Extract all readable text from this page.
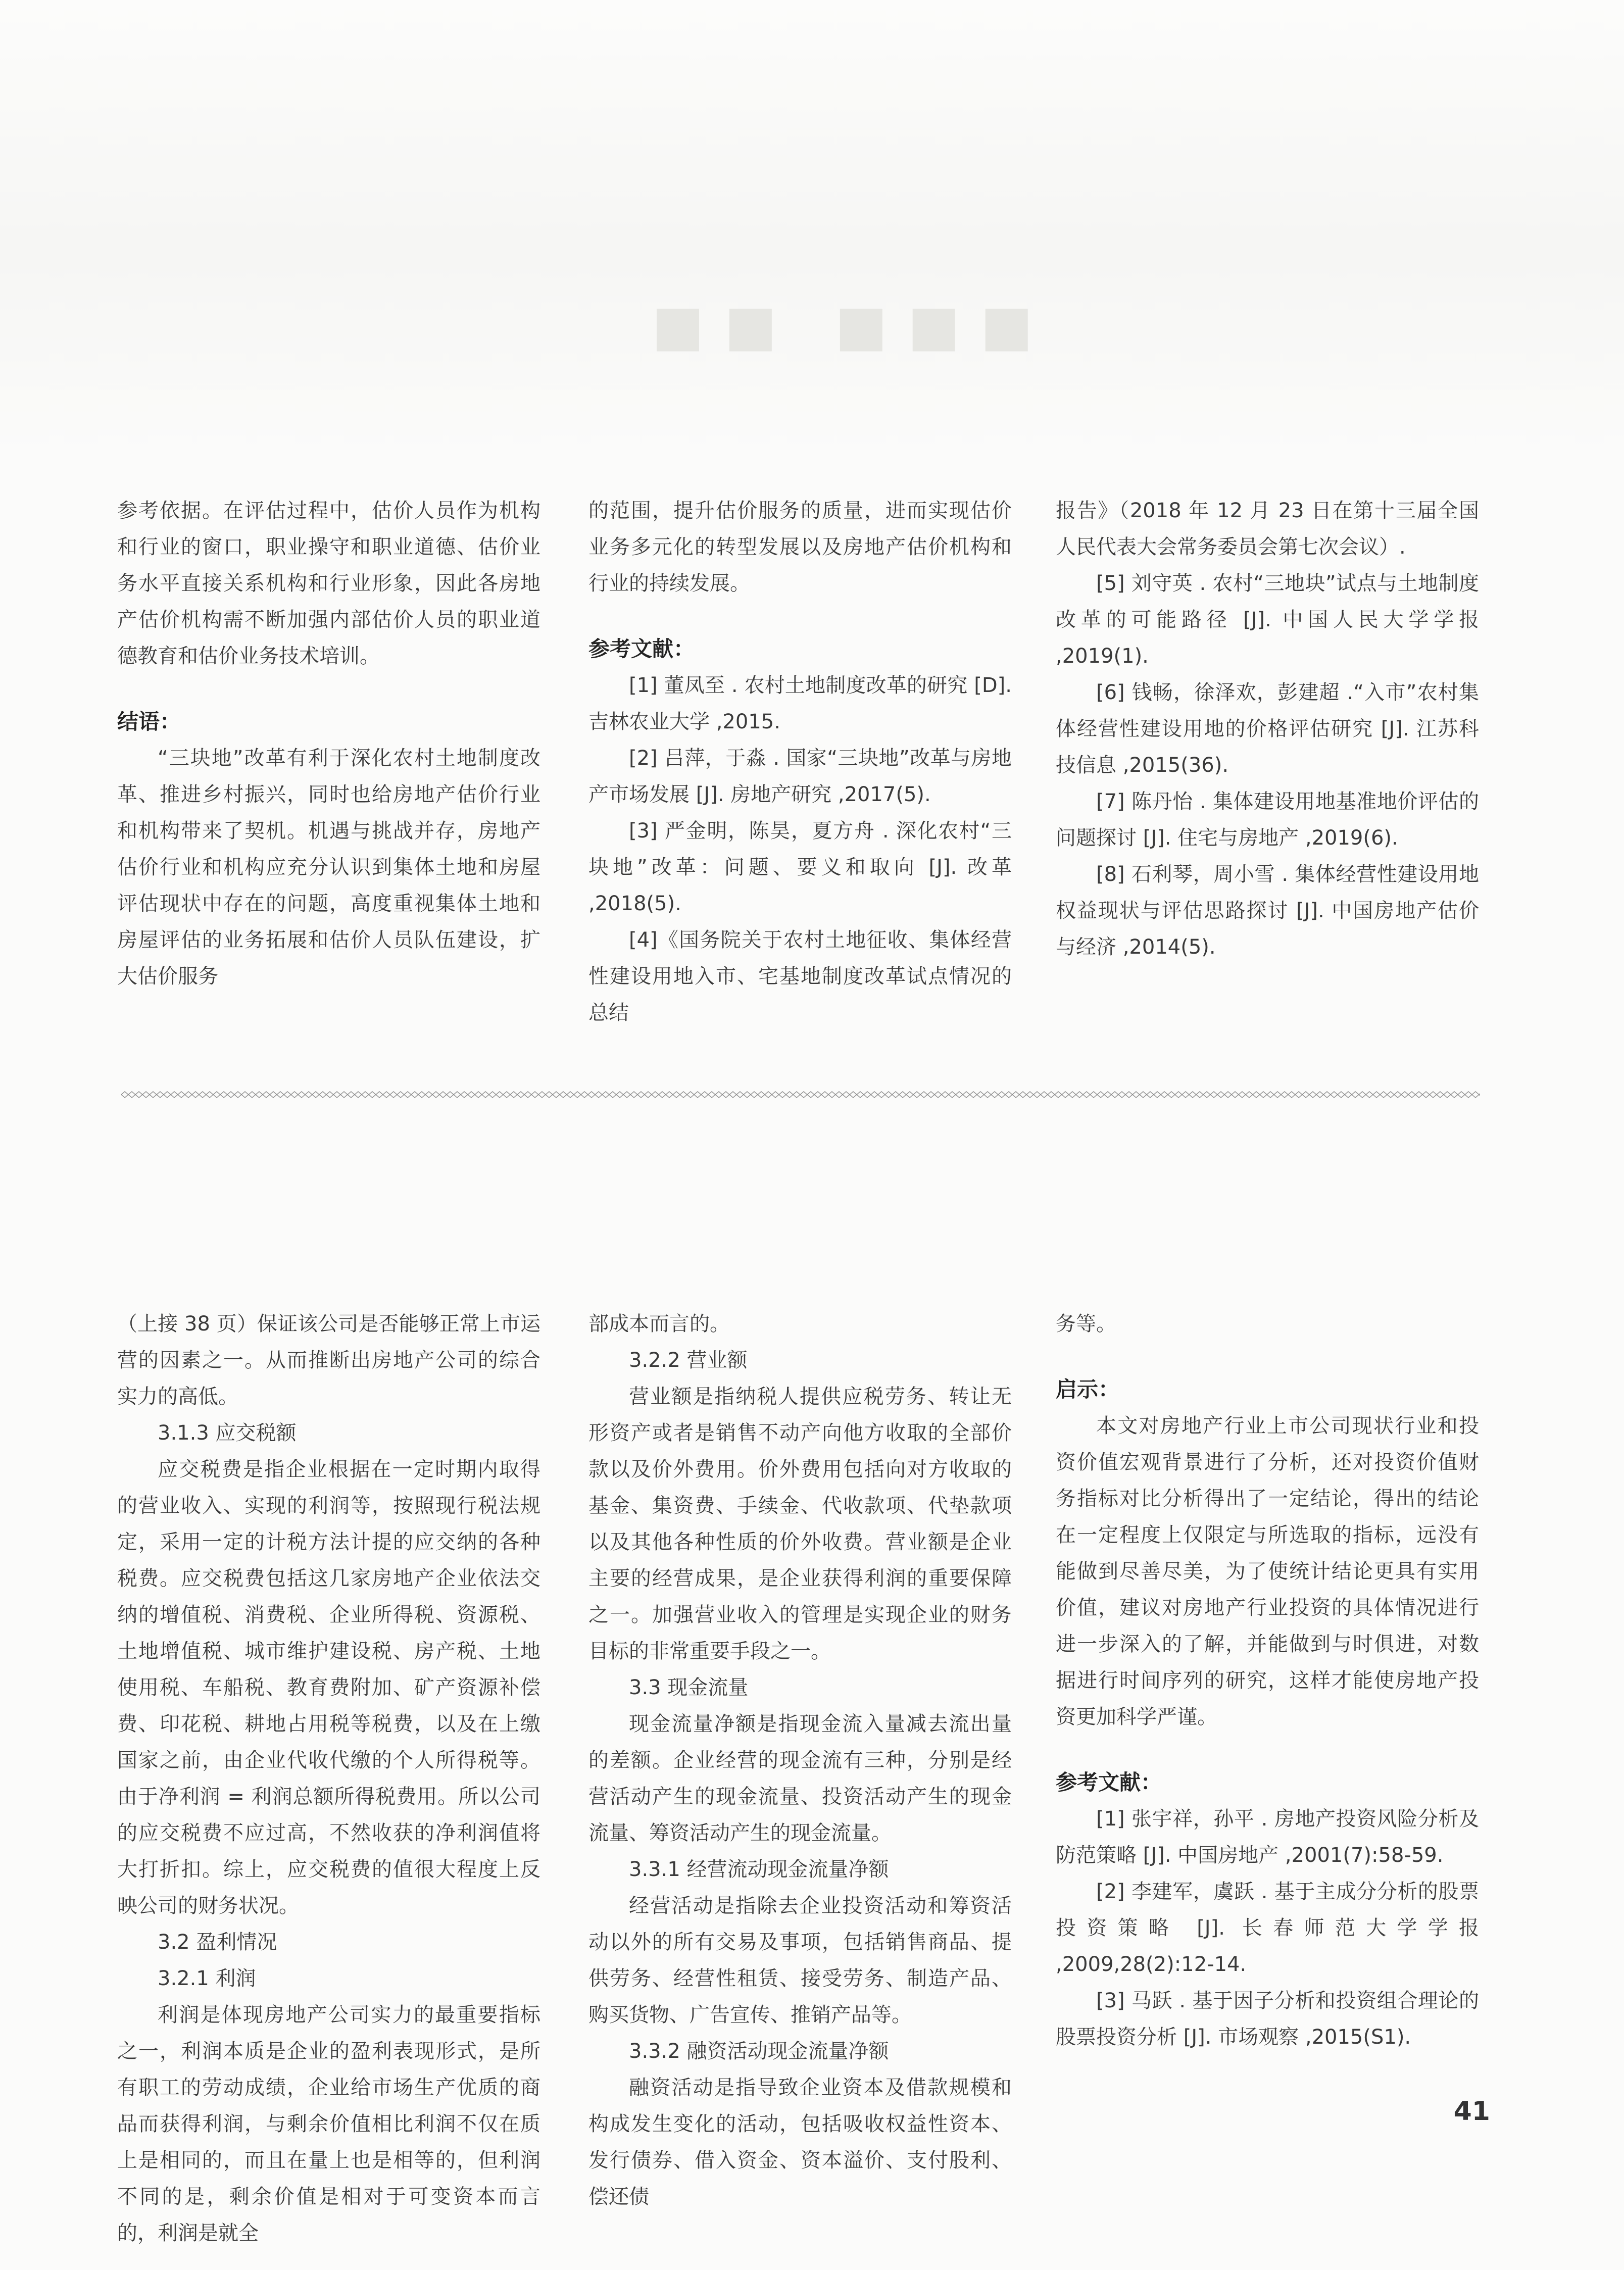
■■ ■■■

参考依据。在评估过程中，估价人员作为机构和行业的窗口，职业操守和职业道德、估价业务水平直接关系机构和行业形象，因此各房地产估价机构需不断加强内部估价人员的职业道德教育和估价业务技术培训。

结语：

“三块地”改革有利于深化农村土地制度改革、推进乡村振兴，同时也给房地产估价行业和机构带来了契机。机遇与挑战并存，房地产估价行业和机构应充分认识到集体土地和房屋评估现状中存在的问题，高度重视集体土地和房屋评估的业务拓展和估价人员队伍建设，扩大估价服务

的范围，提升估价服务的质量，进而实现估价业务多元化的转型发展以及房地产估价机构和行业的持续发展。

参考文献：

[1] 董凤至 . 农村土地制度改革的研究 [D]. 吉林农业大学 ,2015.

[2] 吕萍，于淼 . 国家“三块地”改革与房地产市场发展 [J]. 房地产研究 ,2017(5).

[3] 严金明，陈昊，夏方舟 . 深化农村“三块地”改革：问题、要义和取向 [J]. 改革 ,2018(5).

[4]《国务院关于农村土地征收、集体经营性建设用地入市、宅基地制度改革试点情况的总结

报告》（2018 年 12 月 23 日在第十三届全国人民代表大会常务委员会第七次会议）.

[5] 刘守英 . 农村“三地块”试点与土地制度改革的可能路径 [J]. 中国人民大学学报 ,2019(1).

[6] 钱畅，徐泽欢，彭建超 .“入市”农村集体经营性建设用地的价格评估研究 [J]. 江苏科技信息 ,2015(36).

[7] 陈丹怡 . 集体建设用地基准地价评估的问题探讨 [J]. 住宅与房地产 ,2019(6).

[8] 石利琴，周小雪 . 集体经营性建设用地权益现状与评估思路探讨 [J]. 中国房地产估价与经济 ,2014(5).

（上接 38 页）保证该公司是否能够正常上市运营的因素之一。从而推断出房地产公司的综合实力的高低。

3.1.3 应交税额

应交税费是指企业根据在一定时期内取得的营业收入、实现的利润等，按照现行税法规定，采用一定的计税方法计提的应交纳的各种税费。应交税费包括这几家房地产企业依法交纳的增值税、消费税、企业所得税、资源税、土地增值税、城市维护建设税、房产税、土地使用税、车船税、教育费附加、矿产资源补偿费、印花税、耕地占用税等税费，以及在上缴国家之前，由企业代收代缴的个人所得税等。由于净利润 = 利润总额所得税费用。所以公司的应交税费不应过高，不然收获的净利润值将大打折扣。综上，应交税费的值很大程度上反映公司的财务状况。

3.2 盈利情况

3.2.1 利润

利润是体现房地产公司实力的最重要指标之一，利润本质是企业的盈利表现形式，是所有职工的劳动成绩，企业给市场生产优质的商品而获得利润，与剩余价值相比利润不仅在质上是相同的，而且在量上也是相等的，但利润不同的是，剩余价值是相对于可变资本而言的，利润是就全

部成本而言的。

3.2.2 营业额

营业额是指纳税人提供应税劳务、转让无形资产或者是销售不动产向他方收取的全部价款以及价外费用。价外费用包括向对方收取的基金、集资费、手续金、代收款项、代垫款项以及其他各种性质的价外收费。营业额是企业主要的经营成果，是企业获得利润的重要保障之一。加强营业收入的管理是实现企业的财务目标的非常重要手段之一。

3.3 现金流量

现金流量净额是指现金流入量减去流出量的差额。企业经营的现金流有三种，分别是经营活动产生的现金流量、投资活动产生的现金流量、筹资活动产生的现金流量。

3.3.1 经营流动现金流量净额

经营活动是指除去企业投资活动和筹资活动以外的所有交易及事项，包括销售商品、提供劳务、经营性租赁、接受劳务、制造产品、购买货物、广告宣传、推销产品等。

3.3.2 融资活动现金流量净额

融资活动是指导致企业资本及借款规模和构成发生变化的活动，包括吸收权益性资本、发行债券、借入资金、资本溢价、支付股利、偿还债

务等。

启示：

本文对房地产行业上市公司现状行业和投资价值宏观背景进行了分析，还对投资价值财务指标对比分析得出了一定结论，得出的结论在一定程度上仅限定与所选取的指标，远没有能做到尽善尽美，为了使统计结论更具有实用价值，建议对房地产行业投资的具体情况进行进一步深入的了解，并能做到与时俱进，对数据进行时间序列的研究，这样才能使房地产投资更加科学严谨。

参考文献：

[1] 张宇祥，孙平 . 房地产投资风险分析及防范策略 [J]. 中国房地产 ,2001(7):58-59.

[2] 李建军，虞跃 . 基于主成分分析的股票投资策略 [J]. 长春师范大学学报 ,2009,28(2):12-14.

[3] 马跃 . 基于因子分析和投资组合理论的股票投资分析 [J]. 市场观察 ,2015(S1).

41
